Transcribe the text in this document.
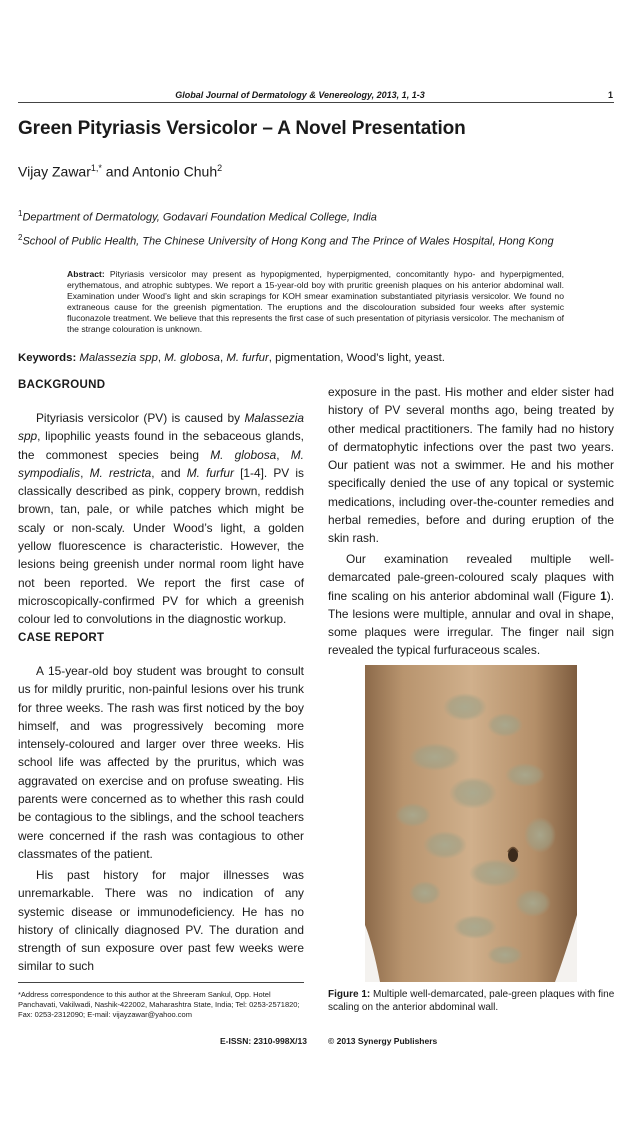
Global Journal of Dermatology & Venereology, 2013, 1, 1-3	1
Green Pityriasis Versicolor – A Novel Presentation
Vijay Zawar$^{1,*}$ and Antonio Chuh$^2$
$^1$Department of Dermatology, Godavari Foundation Medical College, India
$^2$School of Public Health, The Chinese University of Hong Kong and The Prince of Wales Hospital, Hong Kong
Abstract: Pityriasis versicolor may present as hypopigmented, hyperpigmented, concomitantly hypo- and hyperpigmented, erythematous, and atrophic subtypes. We report a 15-year-old boy with pruritic greenish plaques on his anterior abdominal wall. Examination under Wood’s light and skin scrapings for KOH smear examination substantiated pityriasis versicolor. We found no extraneous cause for the greenish pigmentation. The eruptions and the discolouration subsided four weeks after systemic fluconazole treatment. We believe that this represents the first case of such presentation of pityriasis versicolor. The mechanism of the strange colouration is unknown.
Keywords: Malassezia spp, M. globosa, M. furfur, pigmentation, Wood’s light, yeast.
BACKGROUND

Pityriasis versicolor (PV) is caused by Malassezia spp, lipophilic yeasts found in the sebaceous glands, the commonest species being M. globosa, M. sympodialis, M. restricta, and M. furfur [1-4]. PV is classically described as pink, coppery brown, reddish brown, tan, pale, or while patches which might be scaly or non-scaly. Under Wood’s light, a golden yellow fluorescence is characteristic. However, the lesions being greenish under normal room light have not been reported. We report the first case of microscopically-confirmed PV for which a greenish colour led to convolutions in the diagnostic workup.

CASE REPORT

A 15-year-old boy student was brought to consult us for mildly pruritic, non-painful lesions over his trunk for three weeks. The rash was first noticed by the boy himself, and was progressively becoming more intensely-coloured and larger over three weeks. His school life was affected by the pruritus, which was aggravated on exercise and on profuse sweating. His parents were concerned as to whether this rash could be contagious to the siblings, and the school teachers were concerned if the rash was contagious to other classmates of the patient.

His past history for major illnesses was unremarkable. There was no indication of any systemic disease or immunodeficiency. He has no history of clinically diagnosed PV. The duration and strength of sun exposure over past few weeks were similar to such

exposure in the past. His mother and elder sister had history of PV several months ago, being treated by other medical practitioners. The family had no history of dermatophytic infections over the past two years. Our patient was not a swimmer. He and his mother specifically denied the use of any topical or systemic medications, including over-the-counter remedies and herbal remedies, before and during eruption of the skin rash.

Our examination revealed multiple well-demarcated pale-green-coloured scaly plaques with fine scaling on his anterior abdominal wall (Figure 1). The lesions were multiple, annular and oval in shape, some plaques were irregular. The finger nail sign revealed the typical furfuraceous scales.

Figure 1: Multiple well-demarcated, pale-green plaques with fine scaling on the anterior abdominal wall.
*Address correspondence to this author at the Shreeram Sankul, Opp. Hotel Panchavati, Vakilwadi, Nashik-422002, Maharashtra State, India; Tel: 0253-2571820; Fax: 0253-2312090; E-mail: vijayzawar@yahoo.com
E-ISSN: 2310-998X/13 © 2013 Synergy Publishers
